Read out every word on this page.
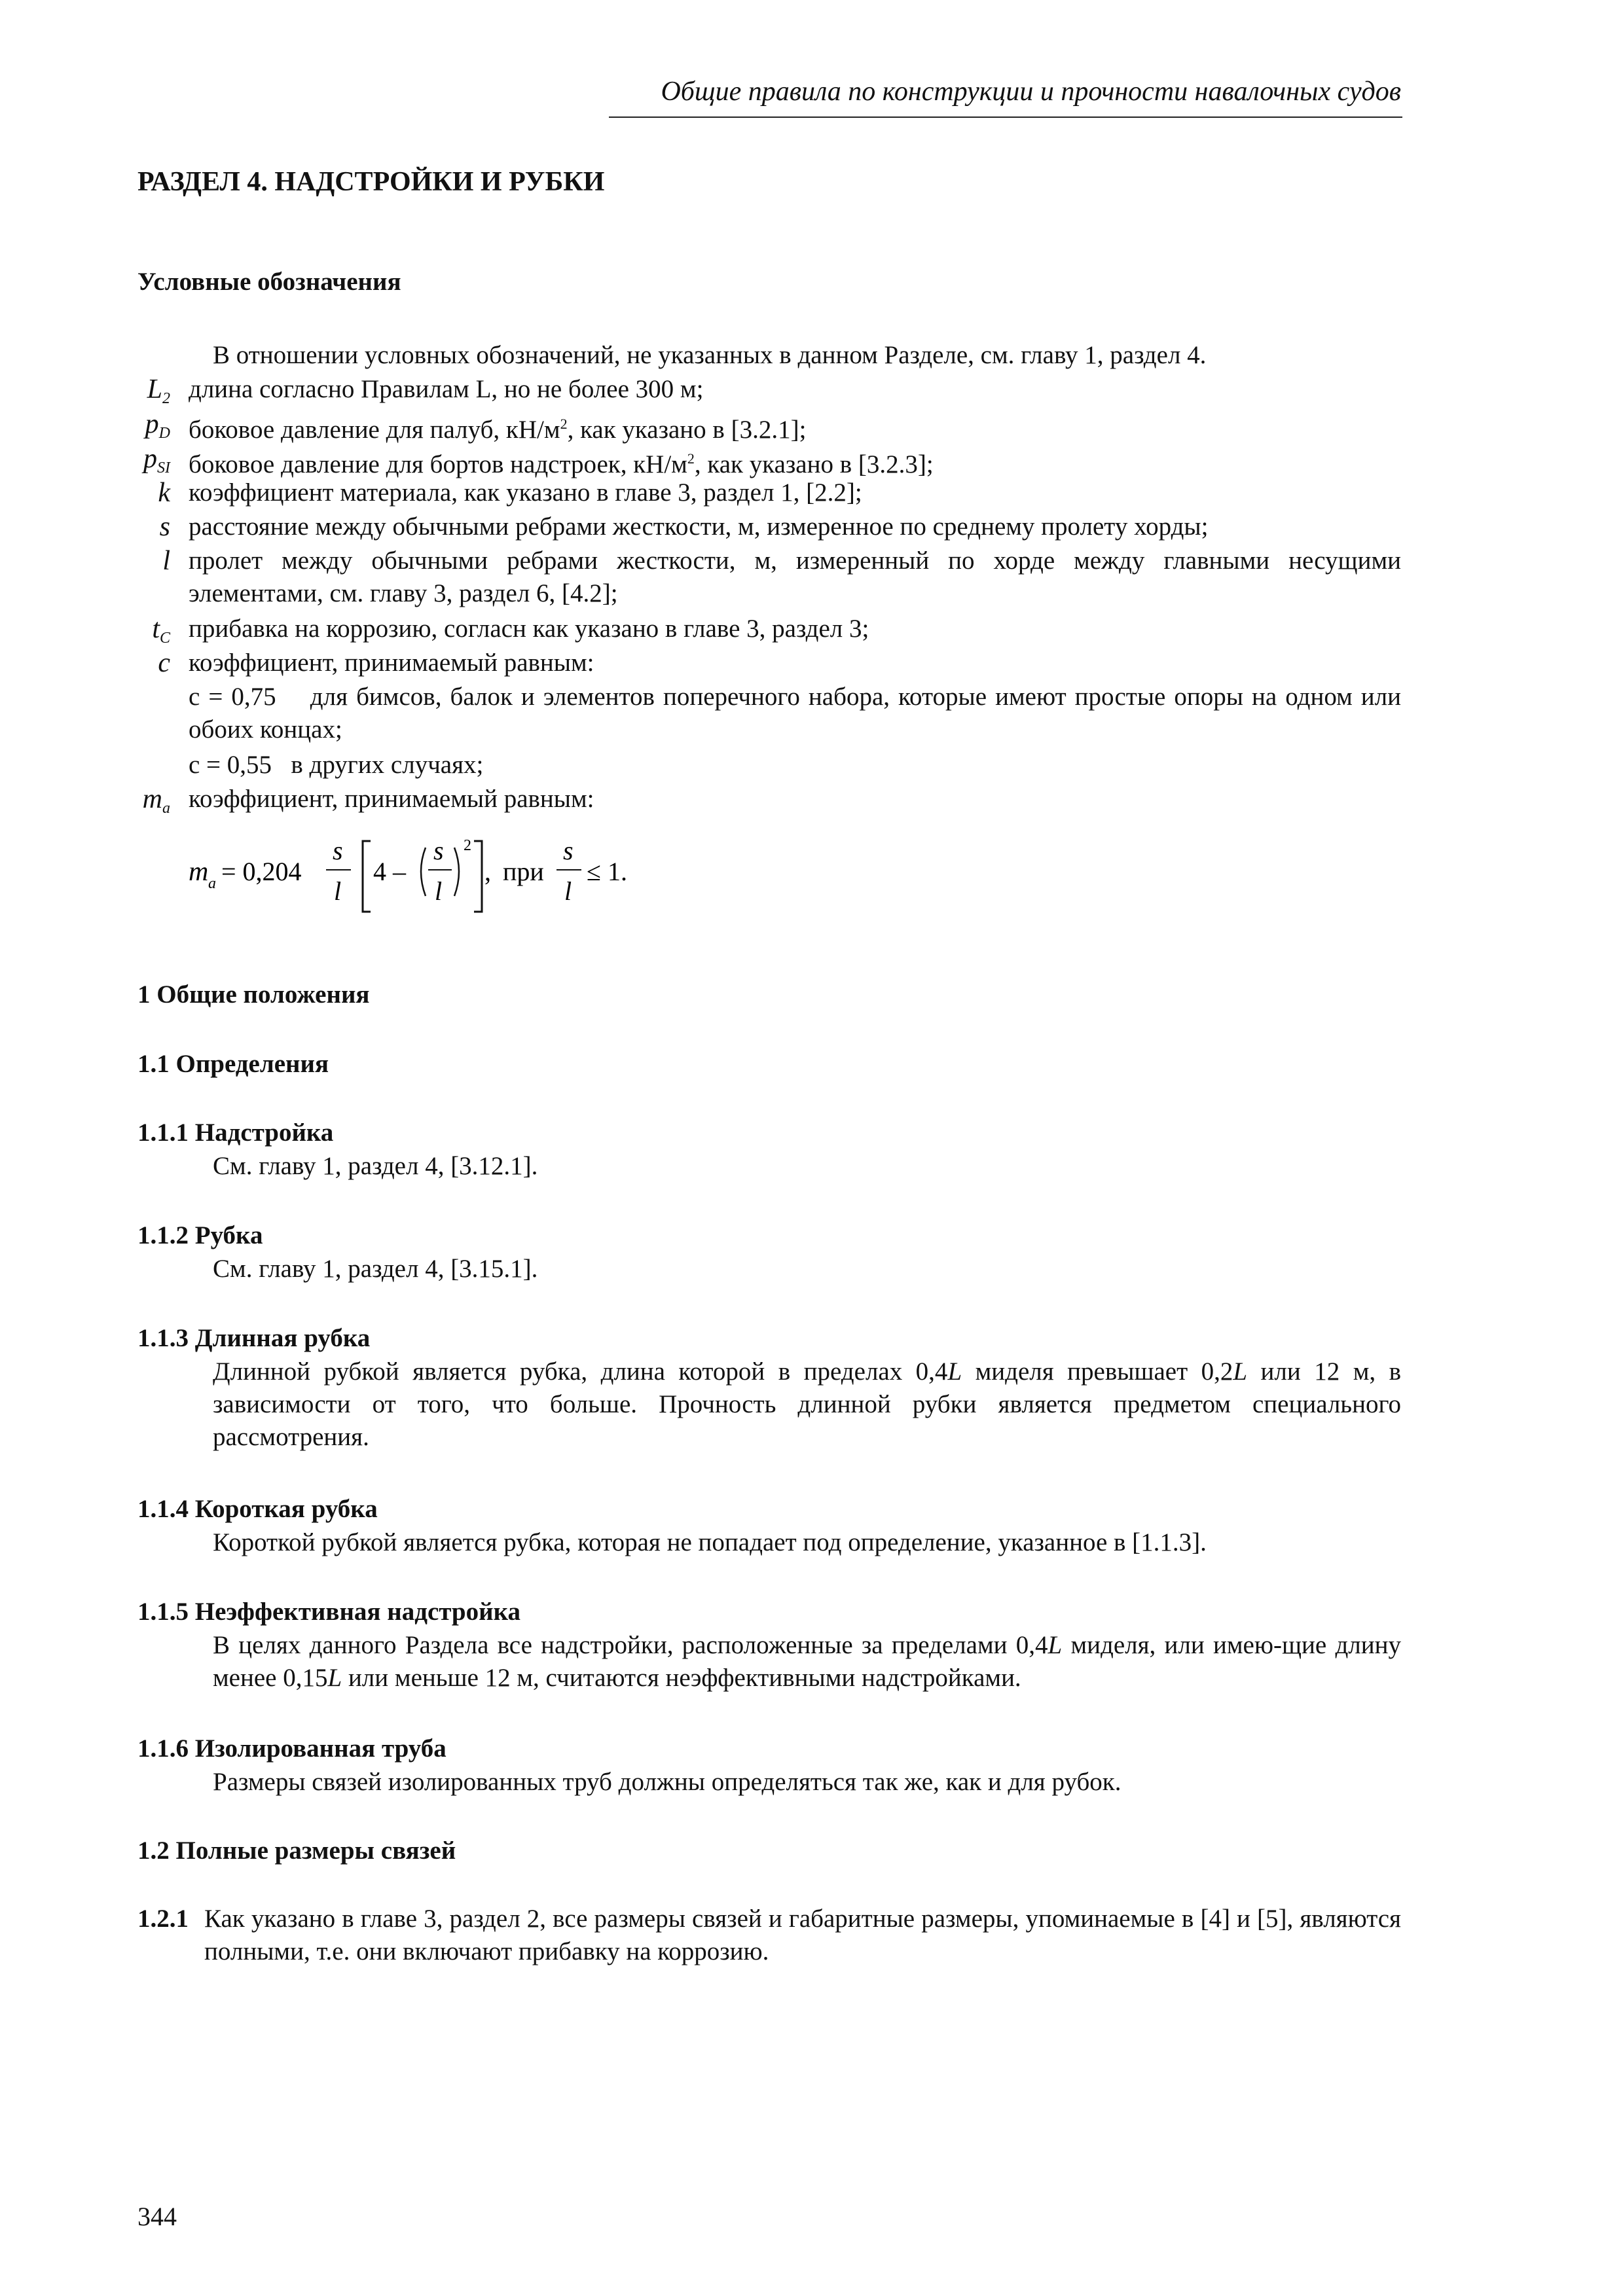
Общие правила по конструкции и прочности навалочных судов
РАЗДЕЛ 4. НАДСТРОЙКИ И РУБКИ
Условные обозначения
В отношении условных обозначений, не указанных в данном Разделе, см. главу 1, раздел 4.
$L_2$ длина согласно Правилам L, но не более 300 м;
$p_D$ боковое давление для палуб, $кН/м^2$, как указано в [3.2.1];
$p_{SI}$ боковое давление для бортов надстроек, $кН/м^2$, как указано в [3.2.3];
k коэффициент материала, как указано в главе 3, раздел 1, [2.2];
s расстояние между обычными ребрами жесткости, м, измеренное по среднему пролету хорды;
l пролет между обычными ребрами жесткости, м, измеренный по хорде между главными несущими элементами, см. главу 3, раздел 6, [4.2];
$t_C$ прибавка на коррозию, согласн как указано в главе 3, раздел 3;
c коэффициент, принимаемый равным:
c = 0,75 для бимсов, балок и элементов поперечного набора, которые имеют простые опоры на одном или обоих концах;
c = 0,55 в других случаях;
$m_a$ коэффициент, принимаемый равным:
m a = 0,204
s
l
4 –
s
l
2
, при
s
l
≤ 1.
1 Общие положения
1.1 Определения
1.1.1 Надстройка
См. главу 1, раздел 4, [3.12.1].
1.1.2 Рубка
См. главу 1, раздел 4, [3.15.1].
1.1.3 Длинная рубка
Длинной рубкой является рубка, длина которой в пределах 0,4L миделя превышает 0,2L или 12 м, в зависимости от того, что больше. Прочность длинной рубки является предметом специального рассмотрения.
1.1.4 Короткая рубка
Короткой рубкой является рубка, которая не попадает под определение, указанное в [1.1.3].
1.1.5 Неэффективная надстройка
В целях данного Раздела все надстройки, расположенные за пределами 0,4L миделя, или имею-щие длину менее 0,15L или меньше 12 м, считаются неэффективными надстройками.
1.1.6 Изолированная труба
Размеры связей изолированных труб должны определяться так же, как и для рубок.
1.2 Полные размеры связей
1.2.1 Как указано в главе 3, раздел 2, все размеры связей и габаритные размеры, упоминаемые в [4] и [5], являются полными, т.е. они включают прибавку на коррозию.
344
